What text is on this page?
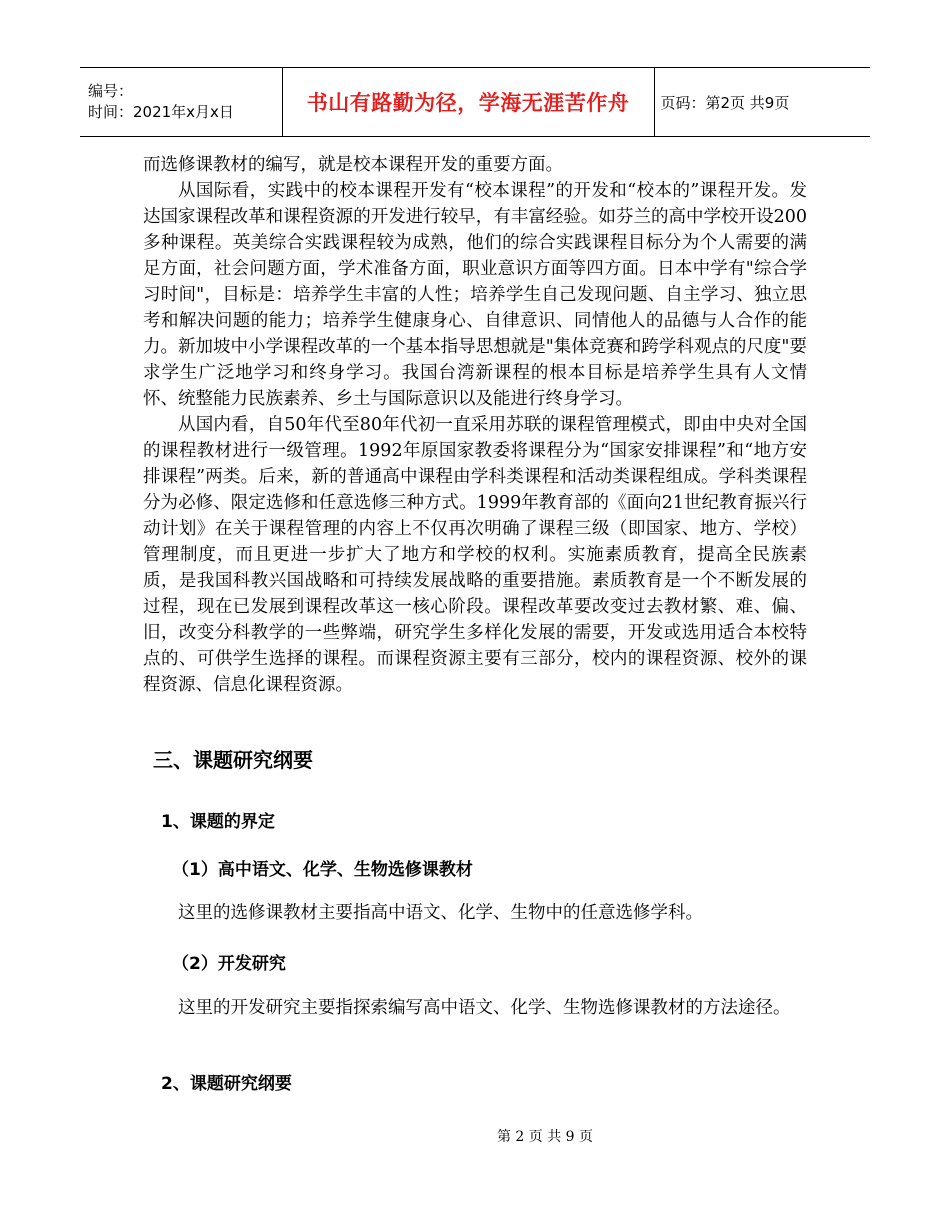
编号：
时间：2021年x月x日	书山有路勤为径，学海无涯苦作舟	页码：第2页 共9页

而选修课教材的编写，就是校本课程开发的重要方面。

从国际看，实践中的校本课程开发有“校本课程”的开发和“校本的”课程开发。发达国家课程改革和课程资源的开发进行较早，有丰富经验。如芬兰的高中学校开设200多种课程。英美综合实践课程较为成熟，他们的综合实践课程目标分为个人需要的满足方面，社会问题方面，学术准备方面，职业意识方面等四方面。日本中学有"综合学习时间"，目标是：培养学生丰富的人性；培养学生自己发现问题、自主学习、独立思考和解决问题的能力；培养学生健康身心、自律意识、同情他人的品德与人合作的能力。新加坡中小学课程改革的一个基本指导思想就是"集体竞赛和跨学科观点的尺度"要求学生广泛地学习和终身学习。我国台湾新课程的根本目标是培养学生具有人文情怀、统整能力民族素养、乡土与国际意识以及能进行终身学习。

从国内看，自50年代至80年代初一直采用苏联的课程管理模式，即由中央对全国的课程教材进行一级管理。1992年原国家教委将课程分为“国家安排课程”和“地方安排课程”两类。后来，新的普通高中课程由学科类课程和活动类课程组成。学科类课程分为必修、限定选修和任意选修三种方式。1999年教育部的《面向21世纪教育振兴行动计划》在关于课程管理的内容上不仅再次明确了课程三级（即国家、地方、学校）管理制度，而且更进一步扩大了地方和学校的权利。实施素质教育，提高全民族素质，是我国科教兴国战略和可持续发展战略的重要措施。素质教育是一个不断发展的过程，现在已发展到课程改革这一核心阶段。课程改革要改变过去教材繁、难、偏、旧，改变分科教学的一些弊端，研究学生多样化发展的需要，开发或选用适合本校特点的、可供学生选择的课程。而课程资源主要有三部分，校内的课程资源、校外的课程资源、信息化课程资源。

三、课题研究纲要
1、课题的界定
（1）高中语文、化学、生物选修课教材

这里的选修课教材主要指高中语文、化学、生物中的任意选修学科。

（2）开发研究

这里的开发研究主要指探索编写高中语文、化学、生物选修课教材的方法途径。

2、课题研究纲要
第 2 页 共 9 页
